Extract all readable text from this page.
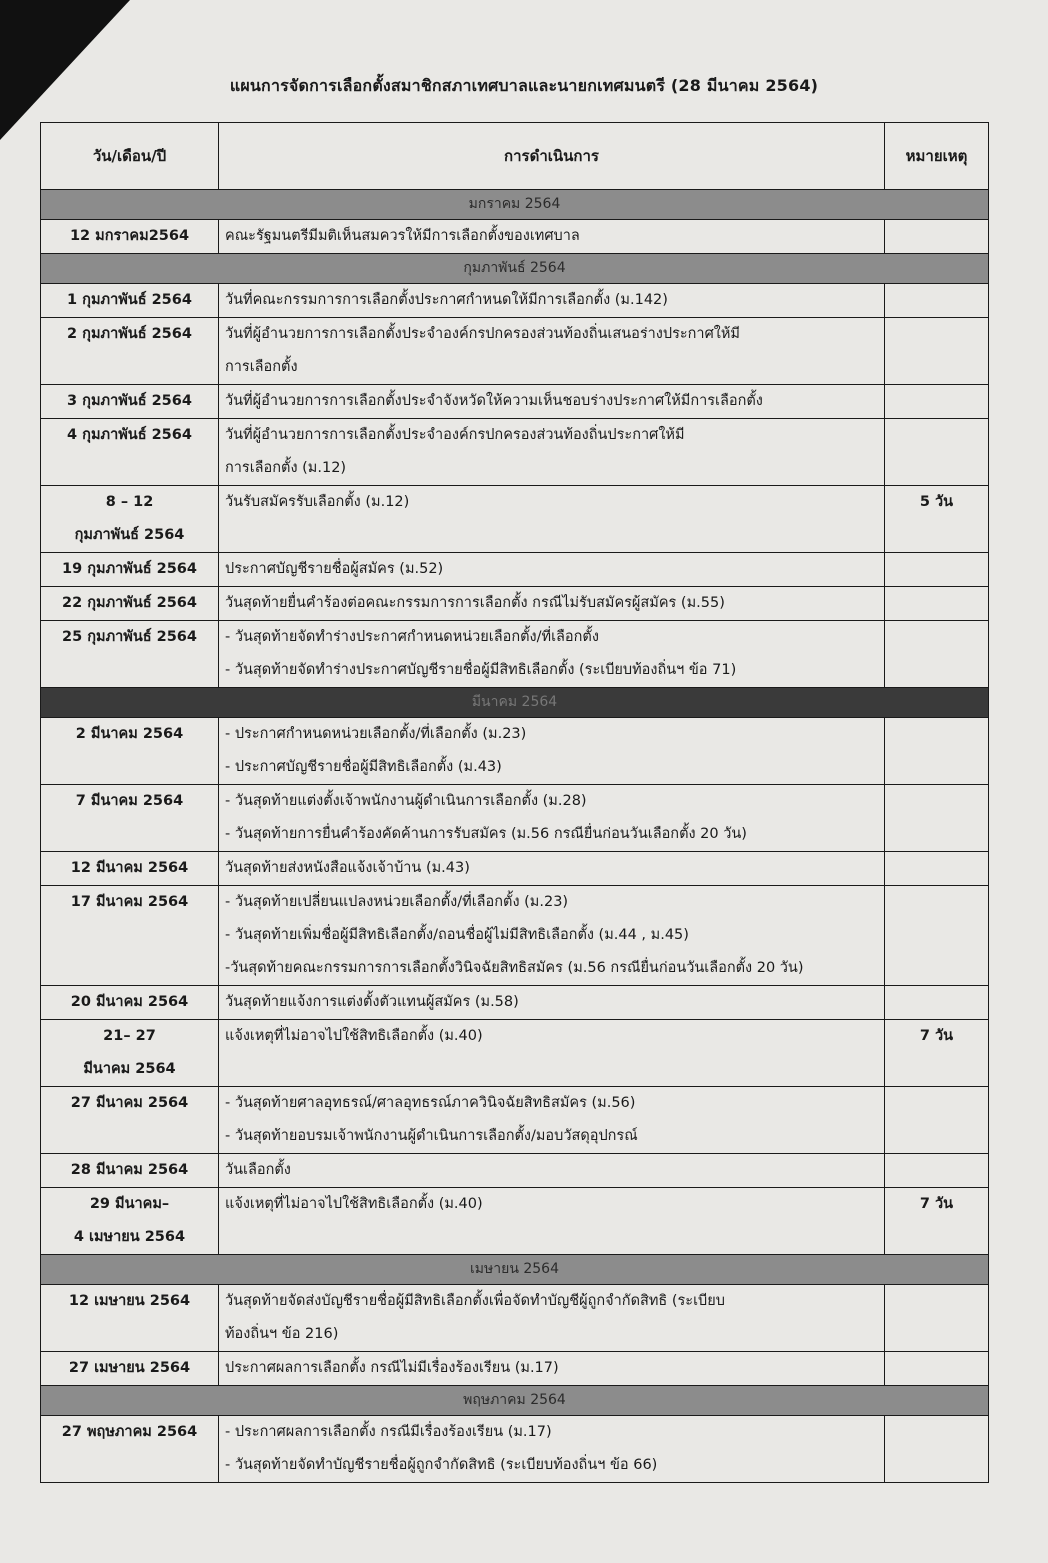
แผนการจัดการเลือกตั้งสมาชิกสภาเทศบาลและนายกเทศมนตรี (28 มีนาคม 2564)
วัน/เดือน/ปี	การดำเนินการ	หมายเหตุ
มกราคม 2564		

12 มกราคม2564	คณะรัฐมนตรีมีมติเห็นสมควรให้มีการเลือกตั้งของเทศบาล	

กุมภาพันธ์ 2564		

1 กุมภาพันธ์ 2564	วันที่คณะกรรมการการเลือกตั้งประกาศกำหนดให้มีการเลือกตั้ง (ม.142)	

2 กุมภาพันธ์ 2564	วันที่ผู้อำนวยการการเลือกตั้งประจำองค์กรปกครองส่วนท้องถิ่นเสนอร่างประกาศให้มี
การเลือกตั้ง	

3 กุมภาพันธ์ 2564	วันที่ผู้อำนวยการการเลือกตั้งประจำจังหวัดให้ความเห็นชอบร่างประกาศให้มีการเลือกตั้ง	

4 กุมภาพันธ์ 2564	วันที่ผู้อำนวยการการเลือกตั้งประจำองค์กรปกครองส่วนท้องถิ่นประกาศให้มี
การเลือกตั้ง (ม.12)	

8 – 12
กุมภาพันธ์ 2564	วันรับสมัครรับเลือกตั้ง (ม.12)	5 วัน

19 กุมภาพันธ์ 2564	ประกาศบัญชีรายชื่อผู้สมัคร (ม.52)	

22 กุมภาพันธ์ 2564	วันสุดท้ายยื่นคำร้องต่อคณะกรรมการการเลือกตั้ง กรณีไม่รับสมัครผู้สมัคร (ม.55)	

25 กุมภาพันธ์ 2564	- วันสุดท้ายจัดทำร่างประกาศกำหนดหน่วยเลือกตั้ง/ที่เลือกตั้ง
- วันสุดท้ายจัดทำร่างประกาศบัญชีรายชื่อผู้มีสิทธิเลือกตั้ง (ระเบียบท้องถิ่นฯ ข้อ 71)	

มีนาคม 2564		

2 มีนาคม 2564	- ประกาศกำหนดหน่วยเลือกตั้ง/ที่เลือกตั้ง (ม.23)
- ประกาศบัญชีรายชื่อผู้มีสิทธิเลือกตั้ง (ม.43)	

7 มีนาคม 2564	- วันสุดท้ายแต่งตั้งเจ้าพนักงานผู้ดำเนินการเลือกตั้ง (ม.28)
- วันสุดท้ายการยื่นคำร้องคัดค้านการรับสมัคร (ม.56 กรณียื่นก่อนวันเลือกตั้ง 20 วัน)	

12 มีนาคม 2564	วันสุดท้ายส่งหนังสือแจ้งเจ้าบ้าน (ม.43)	

17 มีนาคม 2564	- วันสุดท้ายเปลี่ยนแปลงหน่วยเลือกตั้ง/ที่เลือกตั้ง (ม.23)
- วันสุดท้ายเพิ่มชื่อผู้มีสิทธิเลือกตั้ง/ถอนชื่อผู้ไม่มีสิทธิเลือกตั้ง (ม.44 , ม.45)
-วันสุดท้ายคณะกรรมการการเลือกตั้งวินิจฉัยสิทธิสมัคร (ม.56 กรณียื่นก่อนวันเลือกตั้ง 20 วัน)	

20 มีนาคม 2564	วันสุดท้ายแจ้งการแต่งตั้งตัวแทนผู้สมัคร (ม.58)	

21– 27
มีนาคม 2564	แจ้งเหตุที่ไม่อาจไปใช้สิทธิเลือกตั้ง (ม.40)	7 วัน

27 มีนาคม 2564	- วันสุดท้ายศาลอุทธรณ์/ศาลอุทธรณ์ภาควินิจฉัยสิทธิสมัคร (ม.56)
- วันสุดท้ายอบรมเจ้าพนักงานผู้ดำเนินการเลือกตั้ง/มอบวัสดุอุปกรณ์	

28 มีนาคม 2564	วันเลือกตั้ง	

29 มีนาคม–
4 เมษายน 2564	แจ้งเหตุที่ไม่อาจไปใช้สิทธิเลือกตั้ง (ม.40)	7 วัน
เมษายน 2564		

12 เมษายน 2564	วันสุดท้ายจัดส่งบัญชีรายชื่อผู้มีสิทธิเลือกตั้งเพื่อจัดทำบัญชีผู้ถูกจำกัดสิทธิ (ระเบียบ
ท้องถิ่นฯ ข้อ 216)	

27 เมษายน 2564	ประกาศผลการเลือกตั้ง กรณีไม่มีเรื่องร้องเรียน (ม.17)	

พฤษภาคม 2564		

27 พฤษภาคม 2564	- ประกาศผลการเลือกตั้ง กรณีมีเรื่องร้องเรียน (ม.17)
- วันสุดท้ายจัดทำบัญชีรายชื่อผู้ถูกจำกัดสิทธิ (ระเบียบท้องถิ่นฯ ข้อ 66)	
